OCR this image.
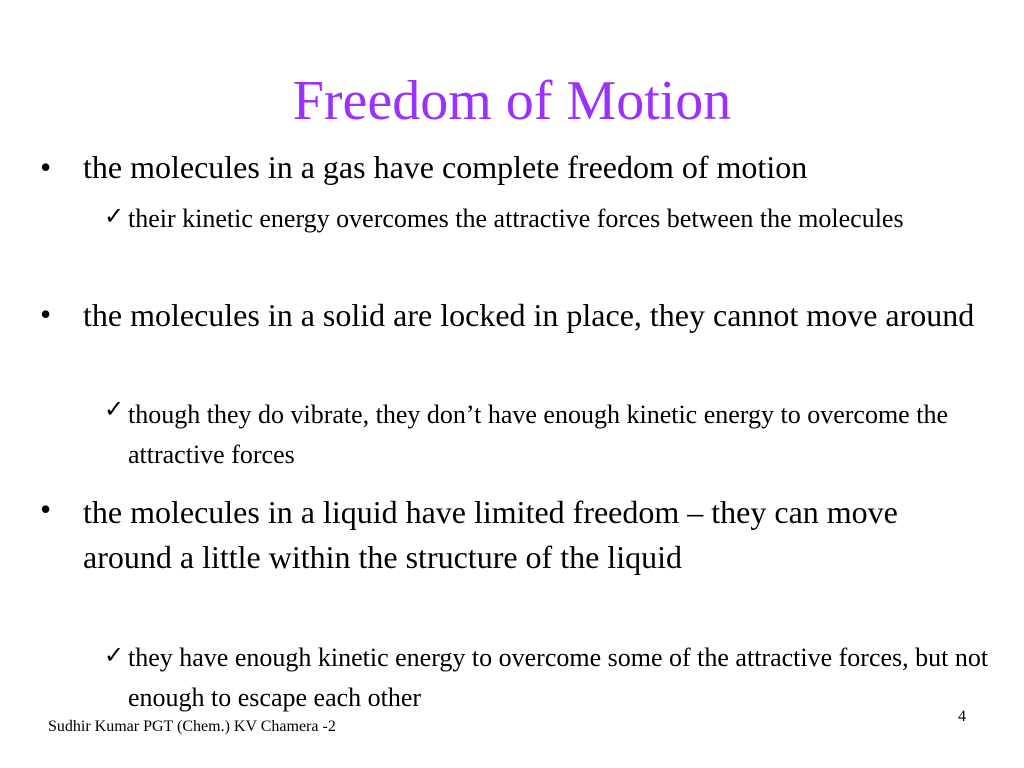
Freedom of Motion
• the molecules in a gas have complete freedom of motion
✓ their kinetic energy overcomes the attractive forces between the molecules
• the molecules in a solid are locked in place, they cannot move around
✓ though they do vibrate, they don’t have enough kinetic energy to overcome the attractive forces
• the molecules in a liquid have limited freedom – they can move around a little within the structure of the liquid
✓ they have enough kinetic energy to overcome some of the attractive forces, but not enough to escape each other
Sudhir Kumar PGT (Chem.) KV Chamera -2
4
